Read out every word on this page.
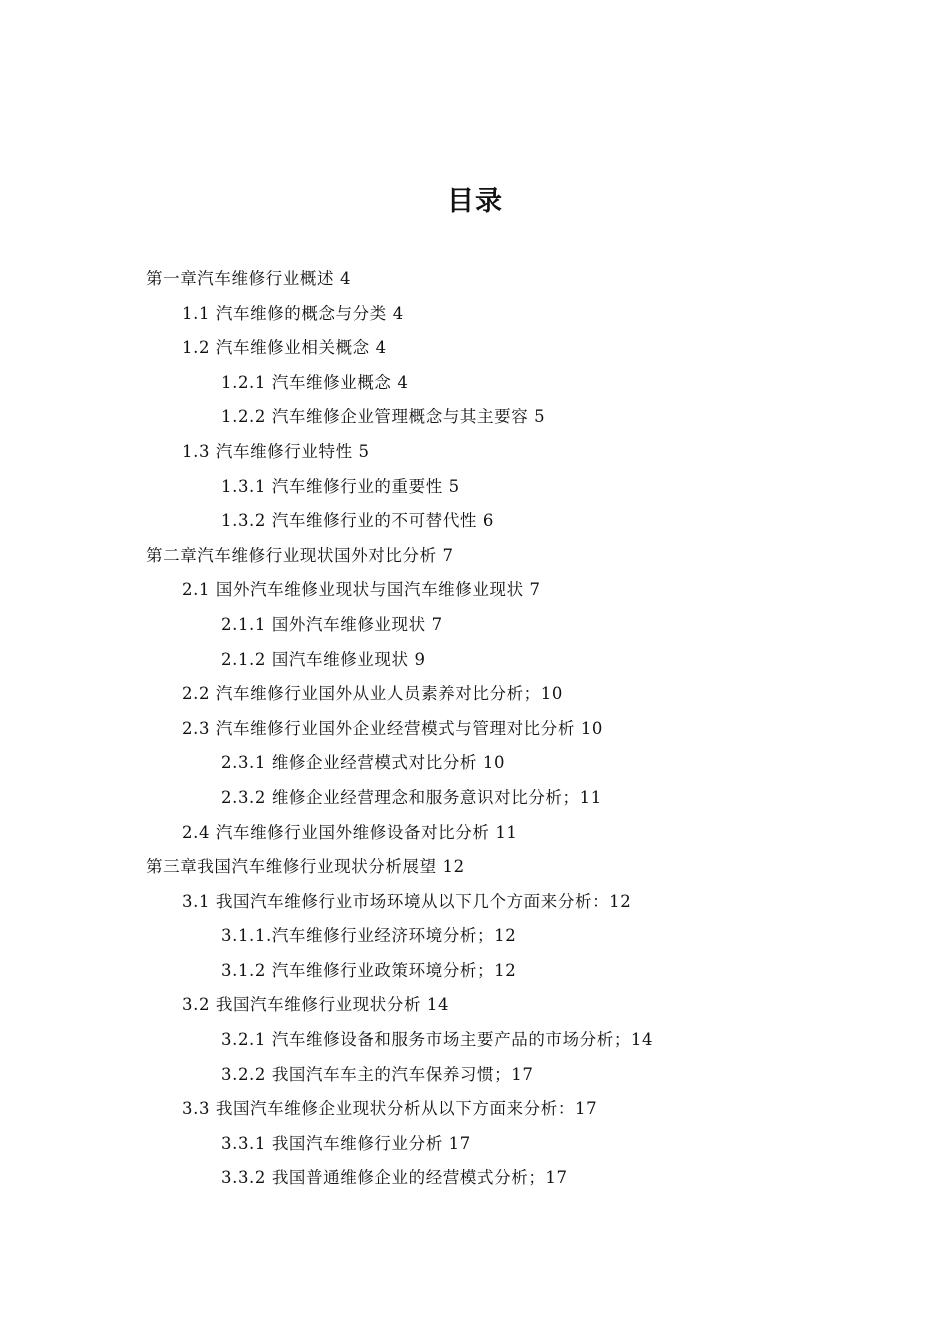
目录
第一章汽车维修行业概述 4
1.1 汽车维修的概念与分类 4
1.2 汽车维修业相关概念 4
1.2.1 汽车维修业概念 4
1.2.2 汽车维修企业管理概念与其主要容 5
1.3 汽车维修行业特性 5
1.3.1 汽车维修行业的重要性 5
1.3.2 汽车维修行业的不可替代性 6
第二章汽车维修行业现状国外对比分析 7
2.1 国外汽车维修业现状与国汽车维修业现状 7
2.1.1 国外汽车维修业现状 7
2.1.2 国汽车维修业现状 9
2.2 汽车维修行业国外从业人员素养对比分析；10
2.3 汽车维修行业国外企业经营模式与管理对比分析 10
2.3.1 维修企业经营模式对比分析 10
2.3.2 维修企业经营理念和服务意识对比分析；11
2.4 汽车维修行业国外维修设备对比分析 11
第三章我国汽车维修行业现状分析展望 12
3.1 我国汽车维修行业市场环境从以下几个方面来分析：12
3.1.1.汽车维修行业经济环境分析；12
3.1.2 汽车维修行业政策环境分析；12
3.2 我国汽车维修行业现状分析 14
3.2.1 汽车维修设备和服务市场主要产品的市场分析；14
3.2.2 我国汽车车主的汽车保养习惯；17
3.3 我国汽车维修企业现状分析从以下方面来分析：17
3.3.1 我国汽车维修行业分析 17
3.3.2 我国普通维修企业的经营模式分析；17
